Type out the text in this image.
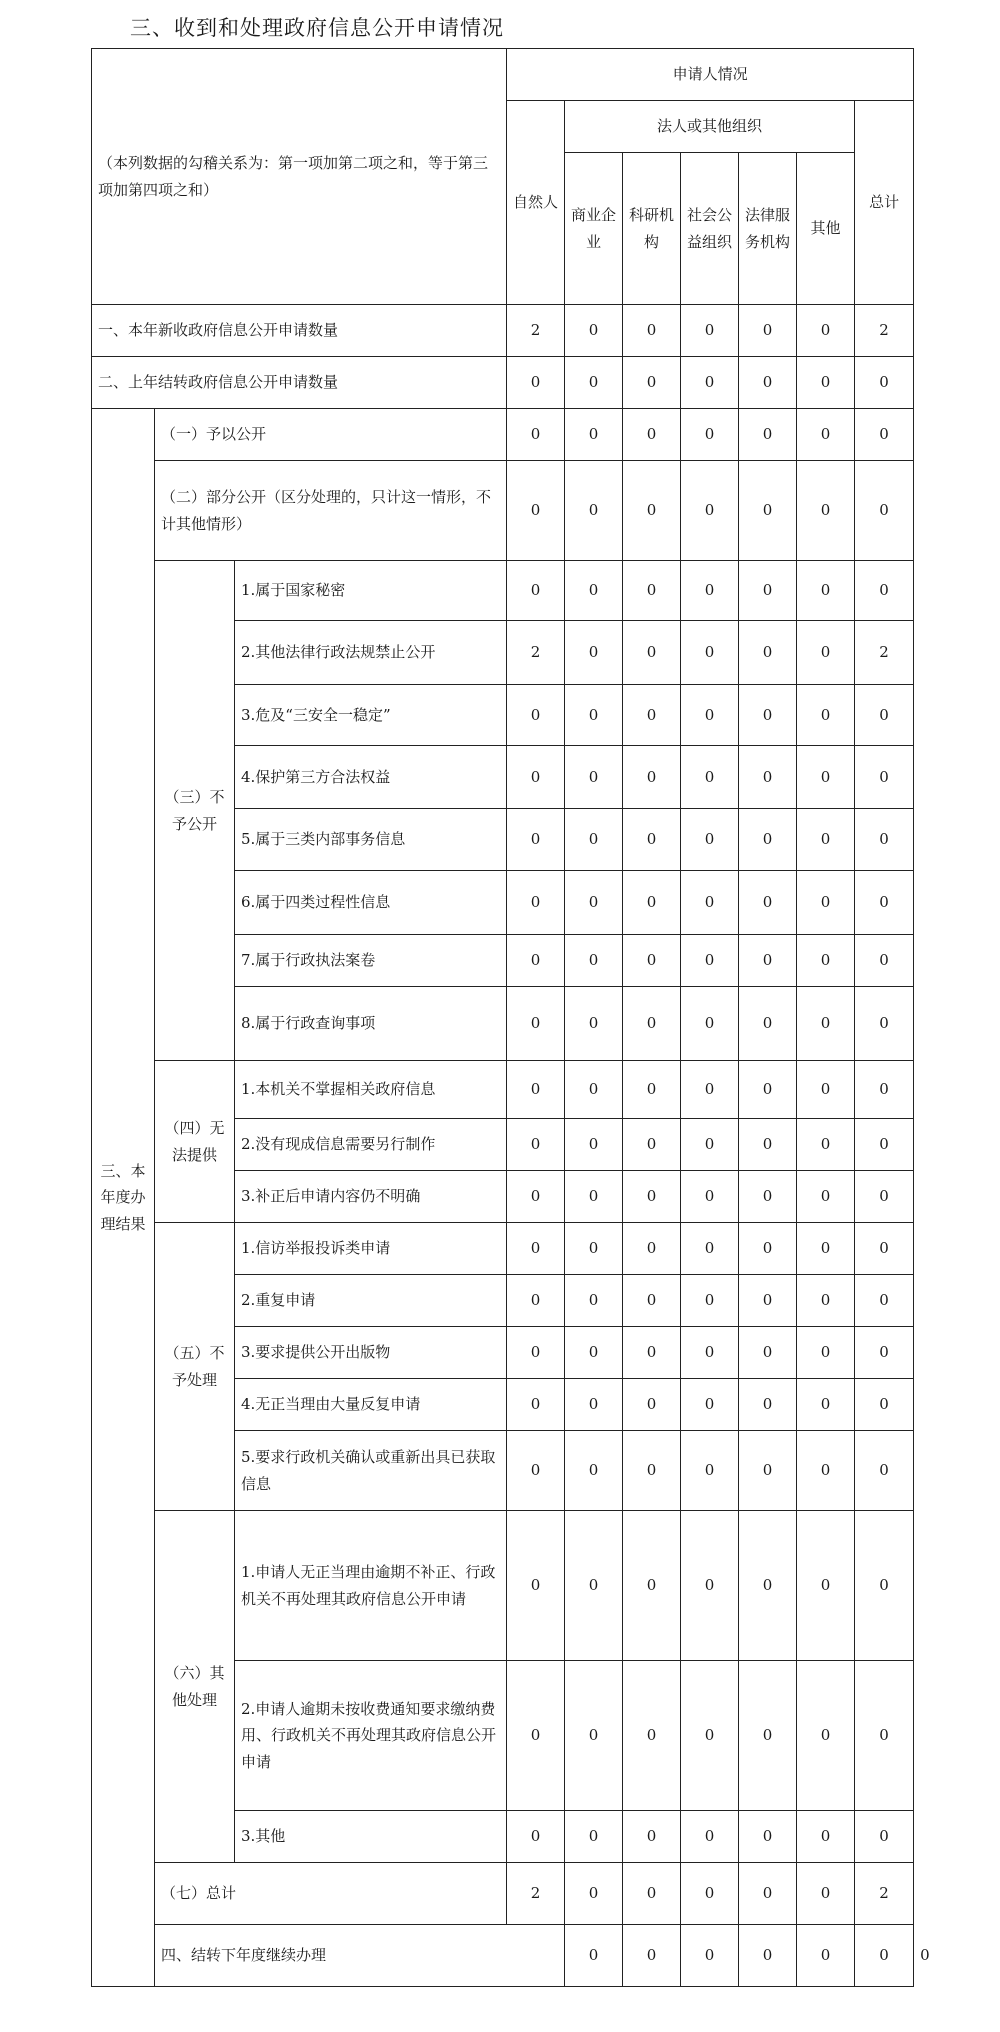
三、收到和处理政府信息公开申请情况
（本列数据的勾稽关系为：第一项加第二项之和，等于第三项加第四项之和）			申请人情况							
			自然人	法人或其他组织					总计	
				商业企业	科研机构	社会公益组织	法律服务机构	其他		
一、本年新收政府信息公开申请数量			2	0	0	0	0	0	2	
二、上年结转政府信息公开申请数量			0	0	0	0	0	0	0	
三、本年度办理结果	（一）予以公开		0	0	0	0	0	0	0	
	（二）部分公开（区分处理的，只计这一情形，不计其他情形）		0	0	0	0	0	0	0	
	（三）不予公开	1.属于国家秘密	0	0	0	0	0	0	0	
		2.其他法律行政法规禁止公开	2	0	0	0	0	0	2	
		3.危及“三安全一稳定”	0	0	0	0	0	0	0	
		4.保护第三方合法权益	0	0	0	0	0	0	0	
		5.属于三类内部事务信息	0	0	0	0	0	0	0	
		6.属于四类过程性信息	0	0	0	0	0	0	0	
		7.属于行政执法案卷	0	0	0	0	0	0	0	
		8.属于行政查询事项	0	0	0	0	0	0	0	
	（四）无法提供	1.本机关不掌握相关政府信息	0	0	0	0	0	0	0	
		2.没有现成信息需要另行制作	0	0	0	0	0	0	0	
		3.补正后申请内容仍不明确	0	0	0	0	0	0	0	
	（五）不予处理	1.信访举报投诉类申请	0	0	0	0	0	0	0	
		2.重复申请	0	0	0	0	0	0	0	
		3.要求提供公开出版物	0	0	0	0	0	0	0	
		4.无正当理由大量反复申请	0	0	0	0	0	0	0	
		5.要求行政机关确认或重新出具已获取信息	0	0	0	0	0	0	0	
	（六）其他处理	1.申请人无正当理由逾期不补正、行政机关不再处理其政府信息公开申请	0	0	0	0	0	0	0	
		2.申请人逾期未按收费通知要求缴纳费用、行政机关不再处理其政府信息公开申请	0	0	0	0	0	0	0	
		3.其他	0	0	0	0	0	0	0	
	（七）总计		2	0	0	0	0	0	2	
	四、结转下年度继续办理			0	0	0	0	0	0	0
